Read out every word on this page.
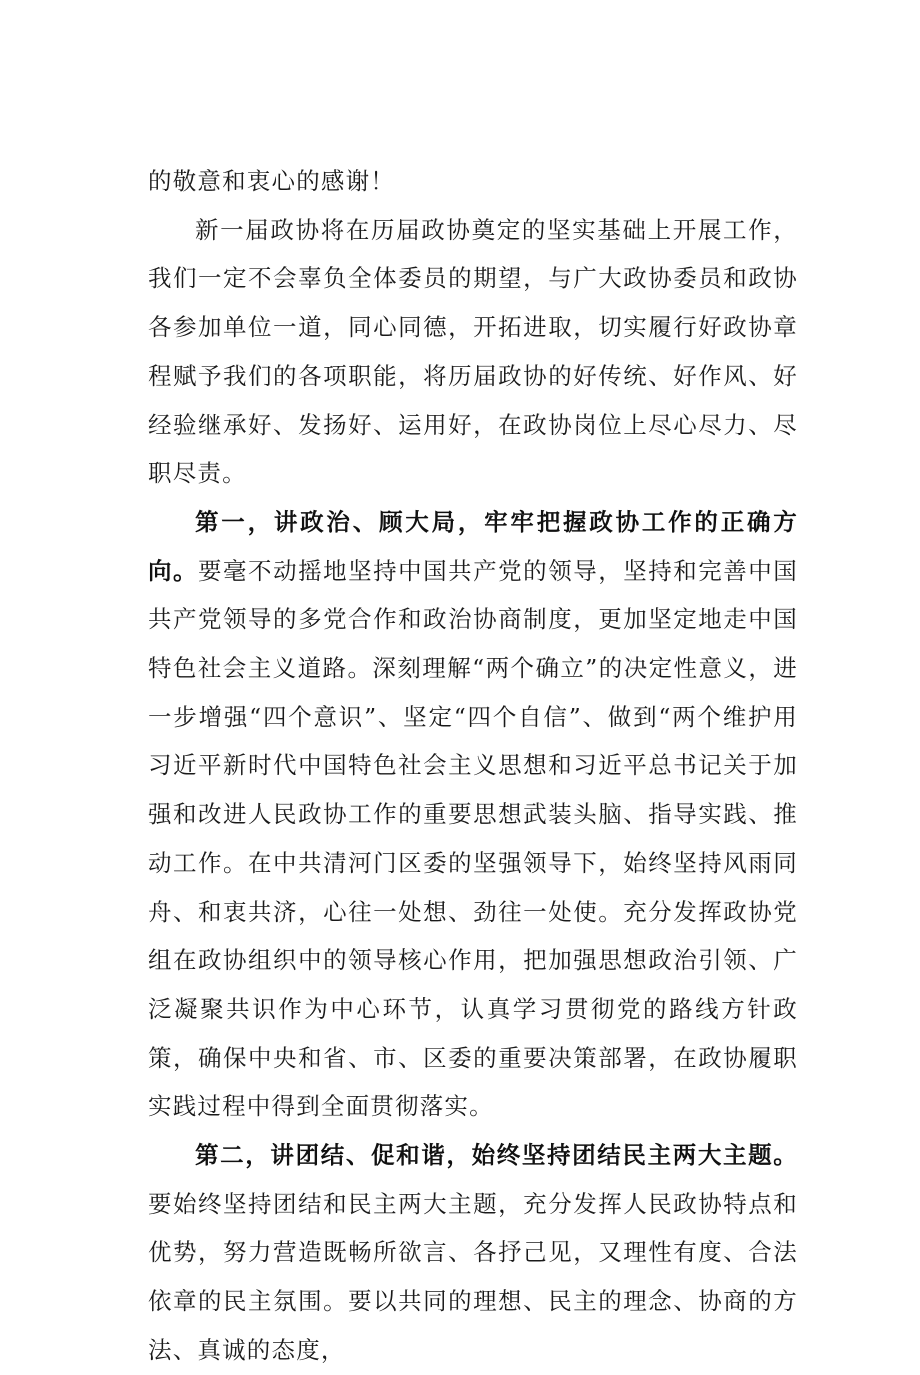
的敬意和衷心的感谢！

新一届政协将在历届政协奠定的坚实基础上开展工作，我们一定不会辜负全体委员的期望，与广大政协委员和政协各参加单位一道，同心同德，开拓进取，切实履行好政协章程赋予我们的各项职能，将历届政协的好传统、好作风、好经验继承好、发扬好、运用好，在政协岗位上尽心尽力、尽职尽责。

第一，讲政治、顾大局，牢牢把握政协工作的正确方向。要毫不动摇地坚持中国共产党的领导，坚持和完善中国共产党领导的多党合作和政治协商制度，更加坚定地走中国特色社会主义道路。深刻理解“两个确立”的决定性意义，进一步增强“四个意识”、坚定“四个自信”、做到“两个维护用习近平新时代中国特色社会主义思想和习近平总书记关于加强和改进人民政协工作的重要思想武装头脑、指导实践、推动工作。在中共清河门区委的坚强领导下，始终坚持风雨同舟、和衷共济，心往一处想、劲往一处使。充分发挥政协党组在政协组织中的领导核心作用，把加强思想政治引领、广泛凝聚共识作为中心环节，认真学习贯彻党的路线方针政策，确保中央和省、市、区委的重要决策部署，在政协履职实践过程中得到全面贯彻落实。

第二，讲团结、促和谐，始终坚持团结民主两大主题。要始终坚持团结和民主两大主题，充分发挥人民政协特点和优势，努力营造既畅所欲言、各抒己见，又理性有度、合法依章的民主氛围。要以共同的理想、民主的理念、协商的方法、真诚的态度，
